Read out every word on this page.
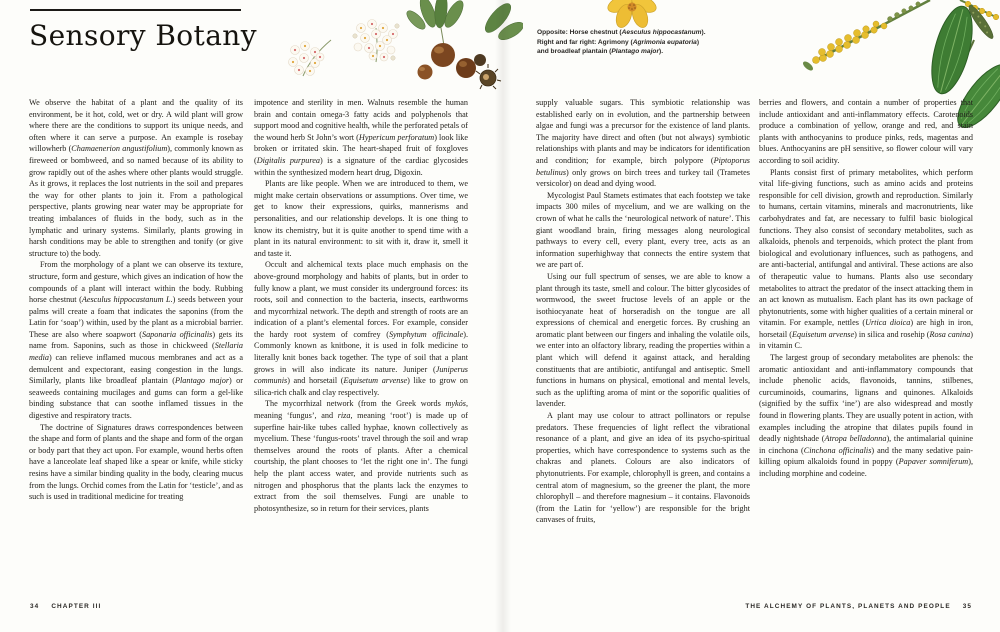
Sensory Botany	Opposite: Horse chestnut (Aesculus hippocastanum).
Right and far right: Agrimony (Agrimonia eupatoria)
and broadleaf plantain (Plantago major).

We observe the habitat of a plant and the quality of its environment, be it hot, cold, wet or dry. A wild plant will grow where there are the conditions to support its unique needs, and often where it can serve a purpose. An example is rosebay willowherb (Chamaenerion angustifolium), commonly known as fireweed or bombweed, and so named because of its ability to grow rapidly out of the ashes where other plants would struggle. As it grows, it replaces the lost nutrients in the soil and prepares the way for other plants to join it. From a pathological perspective, plants growing near water may be appropriate for treating imbalances of fluids in the body, such as in the lymphatic and urinary systems. Similarly, plants growing in harsh conditions may be able to strengthen and tonify (or give structure to) the body.

From the morphology of a plant we can observe its texture, structure, form and gesture, which gives an indication of how the compounds of a plant will interact within the body. Rubbing horse chestnut (Aesculus hippocastanum L.) seeds between your palms will create a foam that indicates the saponins (from the Latin for ‘soap’) within, used by the plant as a microbial barrier. These are also where soapwort (Saponaria officinalis) gets its name from. Saponins, such as those in chickweed (Stellaria media) can relieve inflamed mucous membranes and act as a demulcent and expectorant, easing congestion in the lungs. Similarly, plants like broadleaf plantain (Plantago major) or seaweeds containing mucilages and gums can form a gel-like binding substance that can soothe inflamed tissues in the digestive and respiratory tracts.

The doctrine of Signatures draws correspondences between the shape and form of plants and the shape and form of the organ or body part that they act upon. For example, wound herbs often have a lanceolate leaf shaped like a spear or knife, while sticky resins have a similar binding quality in the body, clearing mucus from the lungs. Orchid comes from the Latin for ‘testicle’, and as such is used in traditional medicine for treating

impotence and sterility in men. Walnuts resemble the human brain and contain omega-3 fatty acids and polyphenols that support mood and cognitive health, while the perforated petals of the wound herb St John’s wort (Hypericum perforatum) look like broken or irritated skin. The heart-shaped fruit of foxgloves (Digitalis purpurea) is a signature of the cardiac glycosides within the synthesized modern heart drug, Digoxin.

Plants are like people. When we are introduced to them, we might make certain observations or assumptions. Over time, we get to know their expressions, quirks, mannerisms and personalities, and our relationship develops. It is one thing to know its chemistry, but it is quite another to spend time with a plant in its natural environment: to sit with it, draw it, smell it and taste it.

Occult and alchemical texts place much emphasis on the above-ground morphology and habits of plants, but in order to fully know a plant, we must consider its underground forces: its roots, soil and connection to the bacteria, insects, earthworms and mycorrhizal network. The depth and strength of roots are an indication of a plant’s elemental forces. For example, consider the hardy root system of comfrey (Symphytum officinale). Commonly known as knitbone, it is used in folk medicine to literally knit bones back together. The type of soil that a plant grows in will also indicate its nature. Juniper (Juniperus communis) and horsetail (Equisetum arvense) like to grow on silica-rich chalk and clay respectively.

The mycorrhizal network (from the Greek words mykós, meaning ‘fungus’, and riza, meaning ‘root’) is made up of superfine hair-like tubes called hyphae, known collectively as mycelium. These ‘fungus-roots’ travel through the soil and wrap themselves around the roots of plants. After a chemical courtship, the plant chooses to ‘let the right one in’. The fungi help the plant access water, and provide nutrients such as nitrogen and phosphorus that the plants lack the enzymes to extract from the soil themselves. Fungi are unable to photosynthesize, so in return for their services, plants

supply valuable sugars. This symbiotic relationship was established early on in evolution, and the partnership between algae and fungi was a precursor for the existence of land plants. The majority have direct and often (but not always) symbiotic relationships with plants and may be indicators for identification and condition; for example, birch polypore (Piptoporus betulinus) only grows on birch trees and turkey tail (Trametes versicolor) on dead and dying wood.

Mycologist Paul Stamets estimates that each footstep we take impacts 300 miles of mycelium, and we are walking on the crown of what he calls the ‘neurological network of nature’. This giant woodland brain, firing messages along neurological pathways to every cell, every plant, every tree, acts as an information superhighway that connects the entire system that we are part of.

Using our full spectrum of senses, we are able to know a plant through its taste, smell and colour. The bitter glycosides of wormwood, the sweet fructose levels of an apple or the isothiocyanate heat of horseradish on the tongue are all expressions of chemical and energetic forces. By crushing an aromatic plant between our fingers and inhaling the volatile oils, we enter into an olfactory library, reading the properties within a plant which will defend it against attack, and heralding constituents that are antibiotic, antifungal and antiseptic. Smell functions in humans on physical, emotional and mental levels, such as the uplifting aroma of mint or the soporific qualities of lavender.

A plant may use colour to attract pollinators or repulse predators. These frequencies of light reflect the vibrational resonance of a plant, and give an idea of its psycho-spiritual properties, which have correspondence to systems such as the chakras and planets. Colours are also indicators of phytonutrients. For example, chlorophyll is green, and contains a central atom of magnesium, so the greener the plant, the more chlorophyll – and therefore magnesium – it contains. Flavonoids (from the Latin for ‘yellow’) are responsible for the bright canvases of fruits,

berries and flowers, and contain a number of properties that include antioxidant and anti-inflammatory effects. Carotenoids produce a combination of yellow, orange and red, and stain plants with anthocyanins to produce pinks, reds, magentas and blues. Anthocyanins are pH sensitive, so flower colour will vary according to soil acidity.

Plants consist first of primary metabolites, which perform vital life-giving functions, such as amino acids and proteins responsible for cell division, growth and reproduction. Similarly to humans, certain vitamins, minerals and macronutrients, like carbohydrates and fat, are necessary to fulfil basic biological functions. They also consist of secondary metabolites, such as alkaloids, phenols and terpenoids, which protect the plant from biological and evolutionary influences, such as pathogens, and are anti-bacterial, antifungal and antiviral. These actions are also of therapeutic value to humans. Plants also use secondary metabolites to attract the predator of the insect attacking them in an act known as mutualism. Each plant has its own package of phytonutrients, some with higher qualities of a certain mineral or vitamin. For example, nettles (Urtica dioica) are high in iron, horsetail (Equisetum arvense) in silica and rosehip (Rosa canina) in vitamin C.

The largest group of secondary metabolites are phenols: the aromatic antioxidant and anti-inflammatory compounds that include phenolic acids, flavonoids, tannins, stilbenes, curcuminoids, coumarins, lignans and quinones. Alkaloids (signified by the suffix ‘ine’) are also widespread and mostly found in flowering plants. They are usually potent in action, with examples including the atropine that dilates pupils found in deadly nightshade (Atropa belladonna), the antimalarial quinine in cinchona (Cinchona officinalis) and the many sedative pain-killing opium alkaloids found in poppy (Papaver somniferum), including morphine and codeine.

34 CHAPTER III	THE ALCHEMY OF PLANTS, PLANETS AND PEOPLE 35
